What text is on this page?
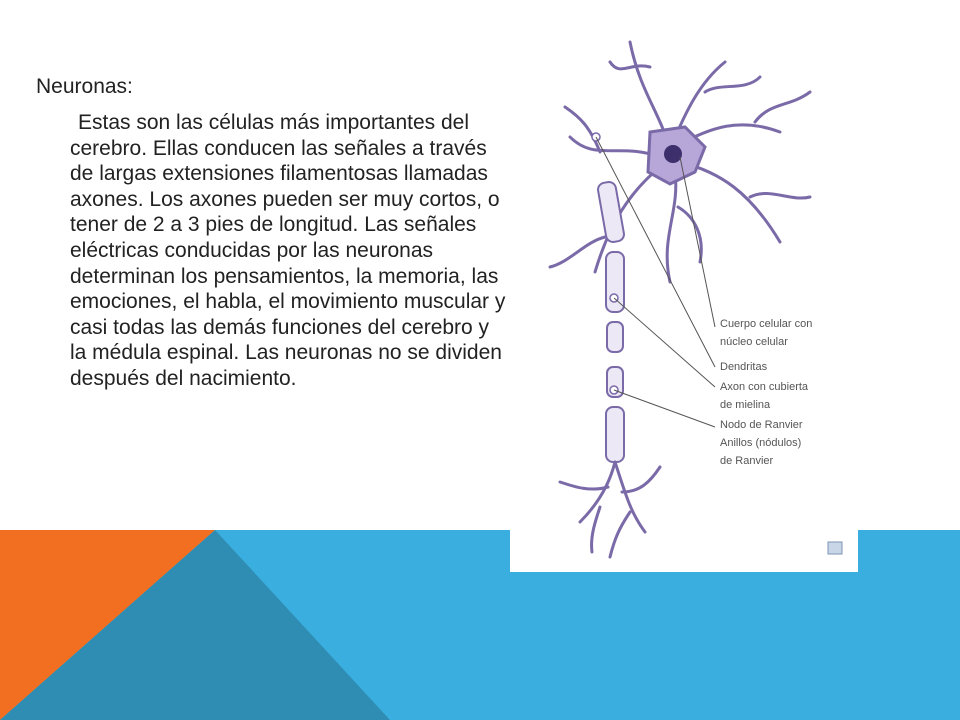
Neuronas:

Estas son las células más importantes del cerebro. Ellas conducen las señales a través de largas extensiones filamentosas llamadas axones. Los axones pueden ser muy cortos, o tener de 2 a 3 pies de longitud. Las señales eléctricas conducidas por las neuronas determinan los pensamientos, la memoria, las emociones, el habla, el movimiento muscular y casi todas las demás funciones del cerebro y la médula espinal. Las neuronas no se dividen después del nacimiento.

Cuerpo celular con
núcleo celular
Dendritas
Axon con cubierta
de mielina
Nodo de Ranvier
Anillos (nódulos)
de Ranvier
